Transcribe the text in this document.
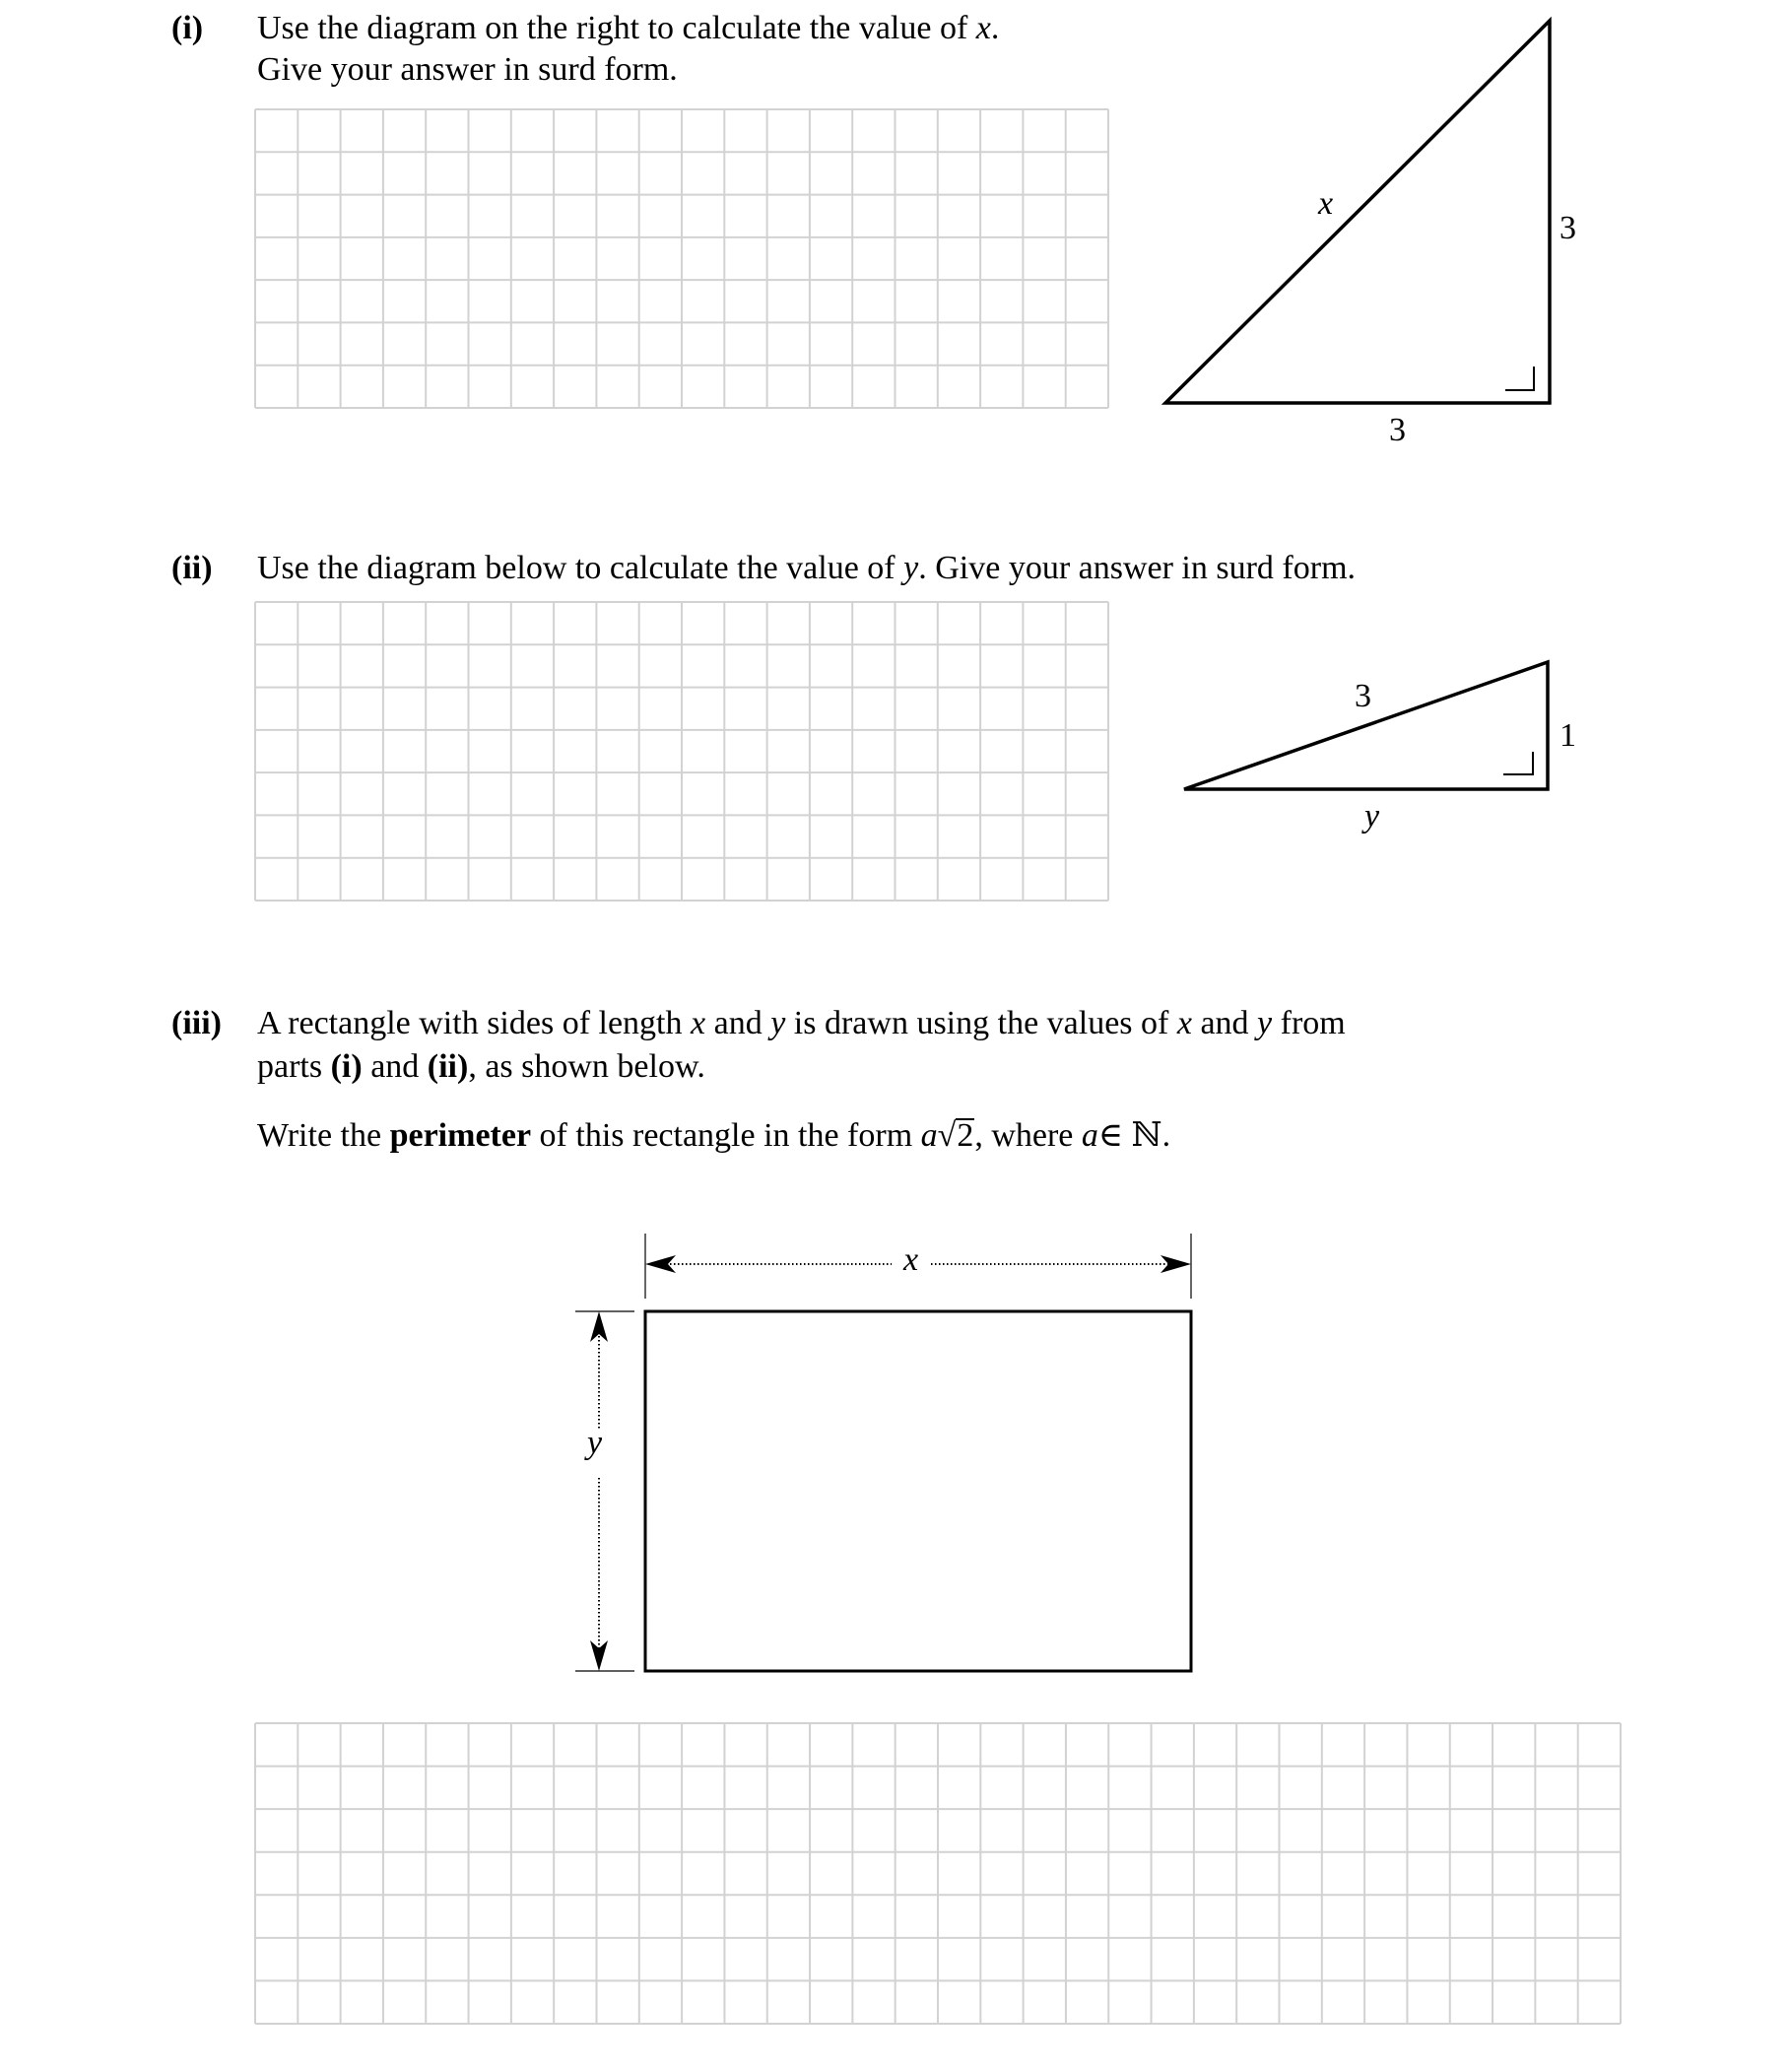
(i) Use the diagram on the right to calculate the value of x.
Give your answer in surd form.
x
3
3
(ii) Use the diagram below to calculate the value of y. Give your answer in surd form.
3
1
y
(iii) A rectangle with sides of length x and y is drawn using the values of x and y from
parts (i) and (ii), as shown below.
Write the perimeter of this rectangle in the form a√2, where a∈ ℕ.
x
y
